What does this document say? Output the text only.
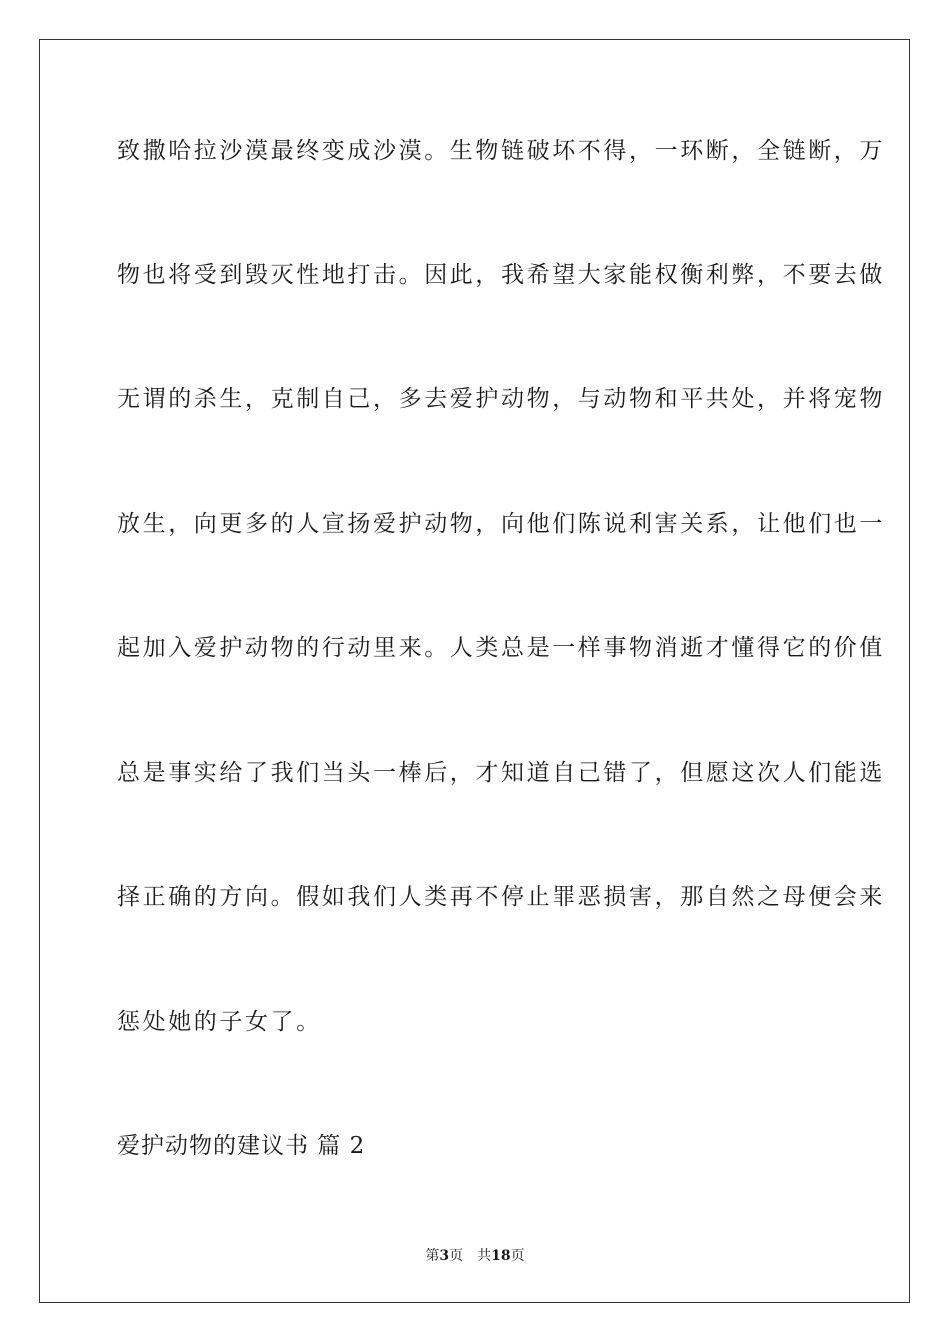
致撒哈拉沙漠最终变成沙漠。生物链破坏不得，一环断，全链断，万
物也将受到毁灭性地打击。因此，我希望大家能权衡利弊，不要去做
无谓的杀生，克制自己，多去爱护动物，与动物和平共处，并将宠物
放生，向更多的人宣扬爱护动物，向他们陈说利害关系，让他们也一
起加入爱护动物的行动里来。人类总是一样事物消逝才懂得它的价值
总是事实给了我们当头一棒后，才知道自己错了，但愿这次人们能选
择正确的方向。假如我们人类再不停止罪恶损害，那自然之母便会来
惩处她的子女了。
爱护动物的建议书 篇 2
第3页 共18页
